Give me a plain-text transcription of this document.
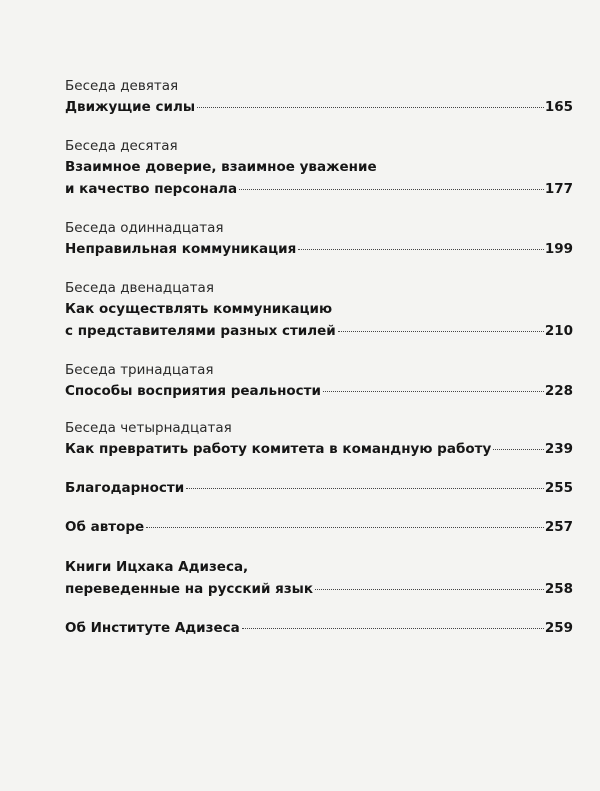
Беседа девятая
Движущие силы	165
Беседа десятая
Взаимное доверие, взаимное уважение
и качество персонала	177
Беседа одиннадцатая
Неправильная коммуникация	199
Беседа двенадцатая
Как осуществлять коммуникацию
с представителями разных стилей	210
Беседа тринадцатая
Способы восприятия реальности	228
Беседа четырнадцатая
Как превратить работу комитета в командную работу	239
Благодарности	255
Об авторе	257
Книги Ицхака Адизеса,
переведенные на русский язык	258
Об Институте Адизеса	259
